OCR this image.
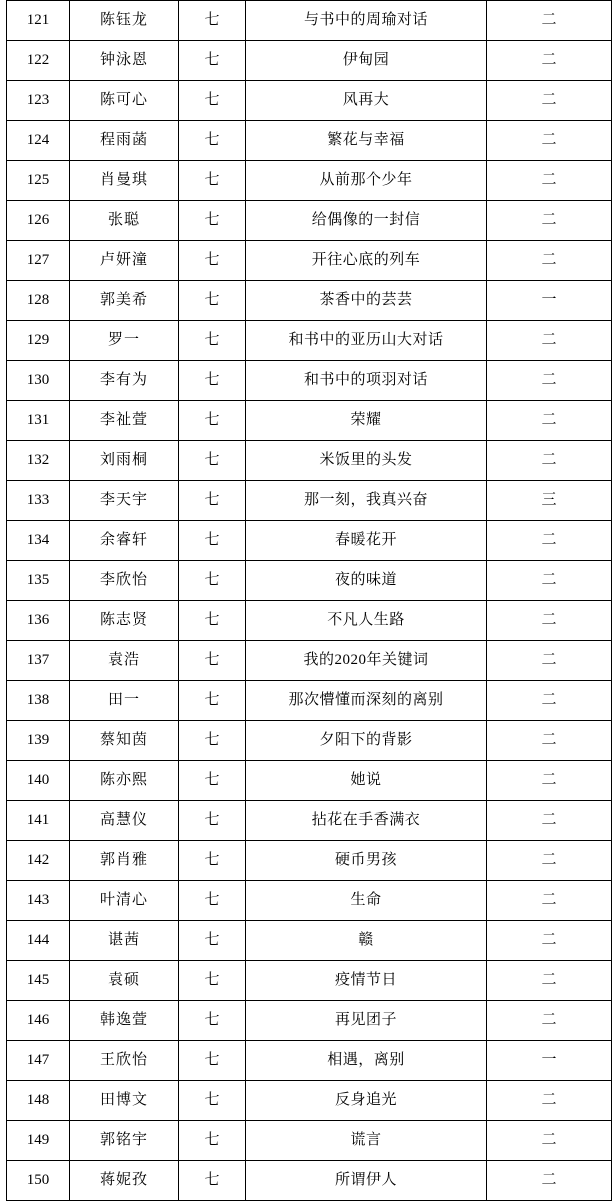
121	陈钰龙	七	与书中的周瑜对话	二
122	钟泳恩	七	伊甸园	二
123	陈可心	七	风再大	二
124	程雨菡	七	繁花与幸福	二
125	肖曼琪	七	从前那个少年	二
126	张聪	七	给偶像的一封信	二
127	卢妍潼	七	开往心底的列车	二
128	郭美希	七	茶香中的芸芸	一
129	罗一	七	和书中的亚历山大对话	二
130	李有为	七	和书中的项羽对话	二
131	李祉萱	七	荣耀	二
132	刘雨桐	七	米饭里的头发	二
133	李天宇	七	那一刻，我真兴奋	三
134	余睿轩	七	春暖花开	二
135	李欣怡	七	夜的味道	二
136	陈志贤	七	不凡人生路	二
137	袁浩	七	我的2020年关键词	二
138	田一	七	那次懵懂而深刻的离别	二
139	蔡知茵	七	夕阳下的背影	二
140	陈亦熙	七	她说	二
141	高慧仪	七	拈花在手香满衣	二
142	郭肖雅	七	硬币男孩	二
143	叶清心	七	生命	二
144	谌茜	七	赣	二
145	袁硕	七	疫情节日	二
146	韩逸萱	七	再见团子	二
147	王欣怡	七	相遇，离别	一
148	田博文	七	反身追光	二
149	郭铭宇	七	谎言	二
150	蒋妮孜	七	所谓伊人	二
